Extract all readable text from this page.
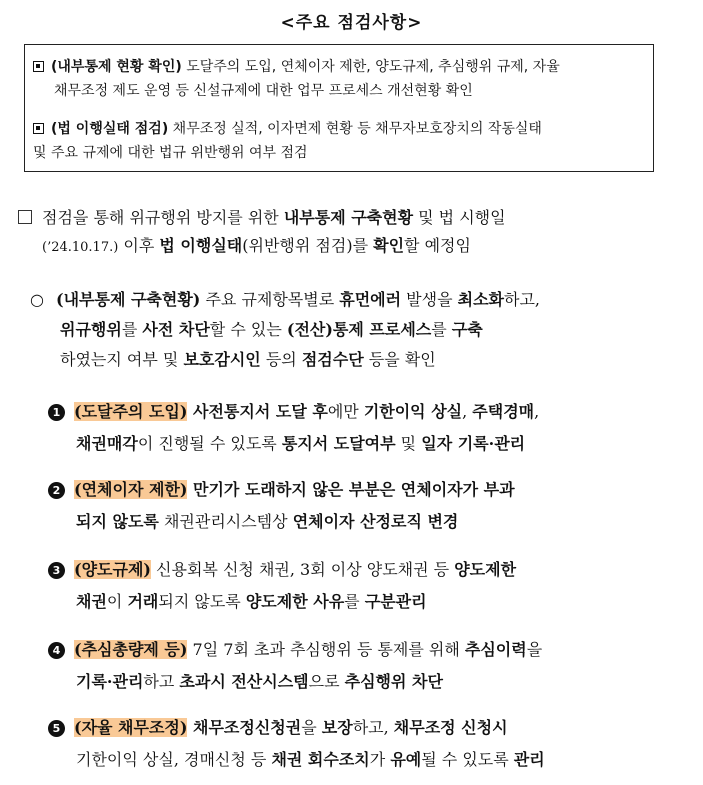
<주요 점검사항>
(내부통제 현황 확인) 도달주의 도입, 연체이자 제한, 양도규제, 추심행위 규제, 자율
채무조정 제도 운영 등 신설규제에 대한 업무 프로세스 개선현황 확인
(법 이행실태 점검) 채무조정 실적, 이자면제 현황 등 채무자보호장치의 작동실태
및 주요 규제에 대한 법규 위반행위 여부 점검
점검을 통해 위규행위 방지를 위한 내부통제 구축현황 및 법 시행일
(’24.10.17.) 이후 법 이행실태(위반행위 점검)를 확인할 예정임
○ (내부통제 구축현황) 주요 규제항목별로 휴먼에러 발생을 최소화하고,
위규행위를 사전 차단할 수 있는 (전산)통제 프로세스를 구축
하였는지 여부 및 보호감시인 등의 점검수단 등을 확인
1 (도달주의 도입) 사전통지서 도달 후에만 기한이익 상실, 주택경매,
채권매각이 진행될 수 있도록 통지서 도달여부 및 일자 기록·관리
2 (연체이자 제한) 만기가 도래하지 않은 부분은 연체이자가 부과
되지 않도록 채권관리시스템상 연체이자 산정로직 변경
3 (양도규제) 신용회복 신청 채권, 3회 이상 양도채권 등 양도제한
채권이 거래되지 않도록 양도제한 사유를 구분관리
4 (추심총량제 등) 7일 7회 초과 추심행위 등 통제를 위해 추심이력을
기록·관리하고 초과시 전산시스템으로 추심행위 차단
5 (자율 채무조정) 채무조정신청권을 보장하고, 채무조정 신청시
기한이익 상실, 경매신청 등 채권 회수조치가 유예될 수 있도록 관리
